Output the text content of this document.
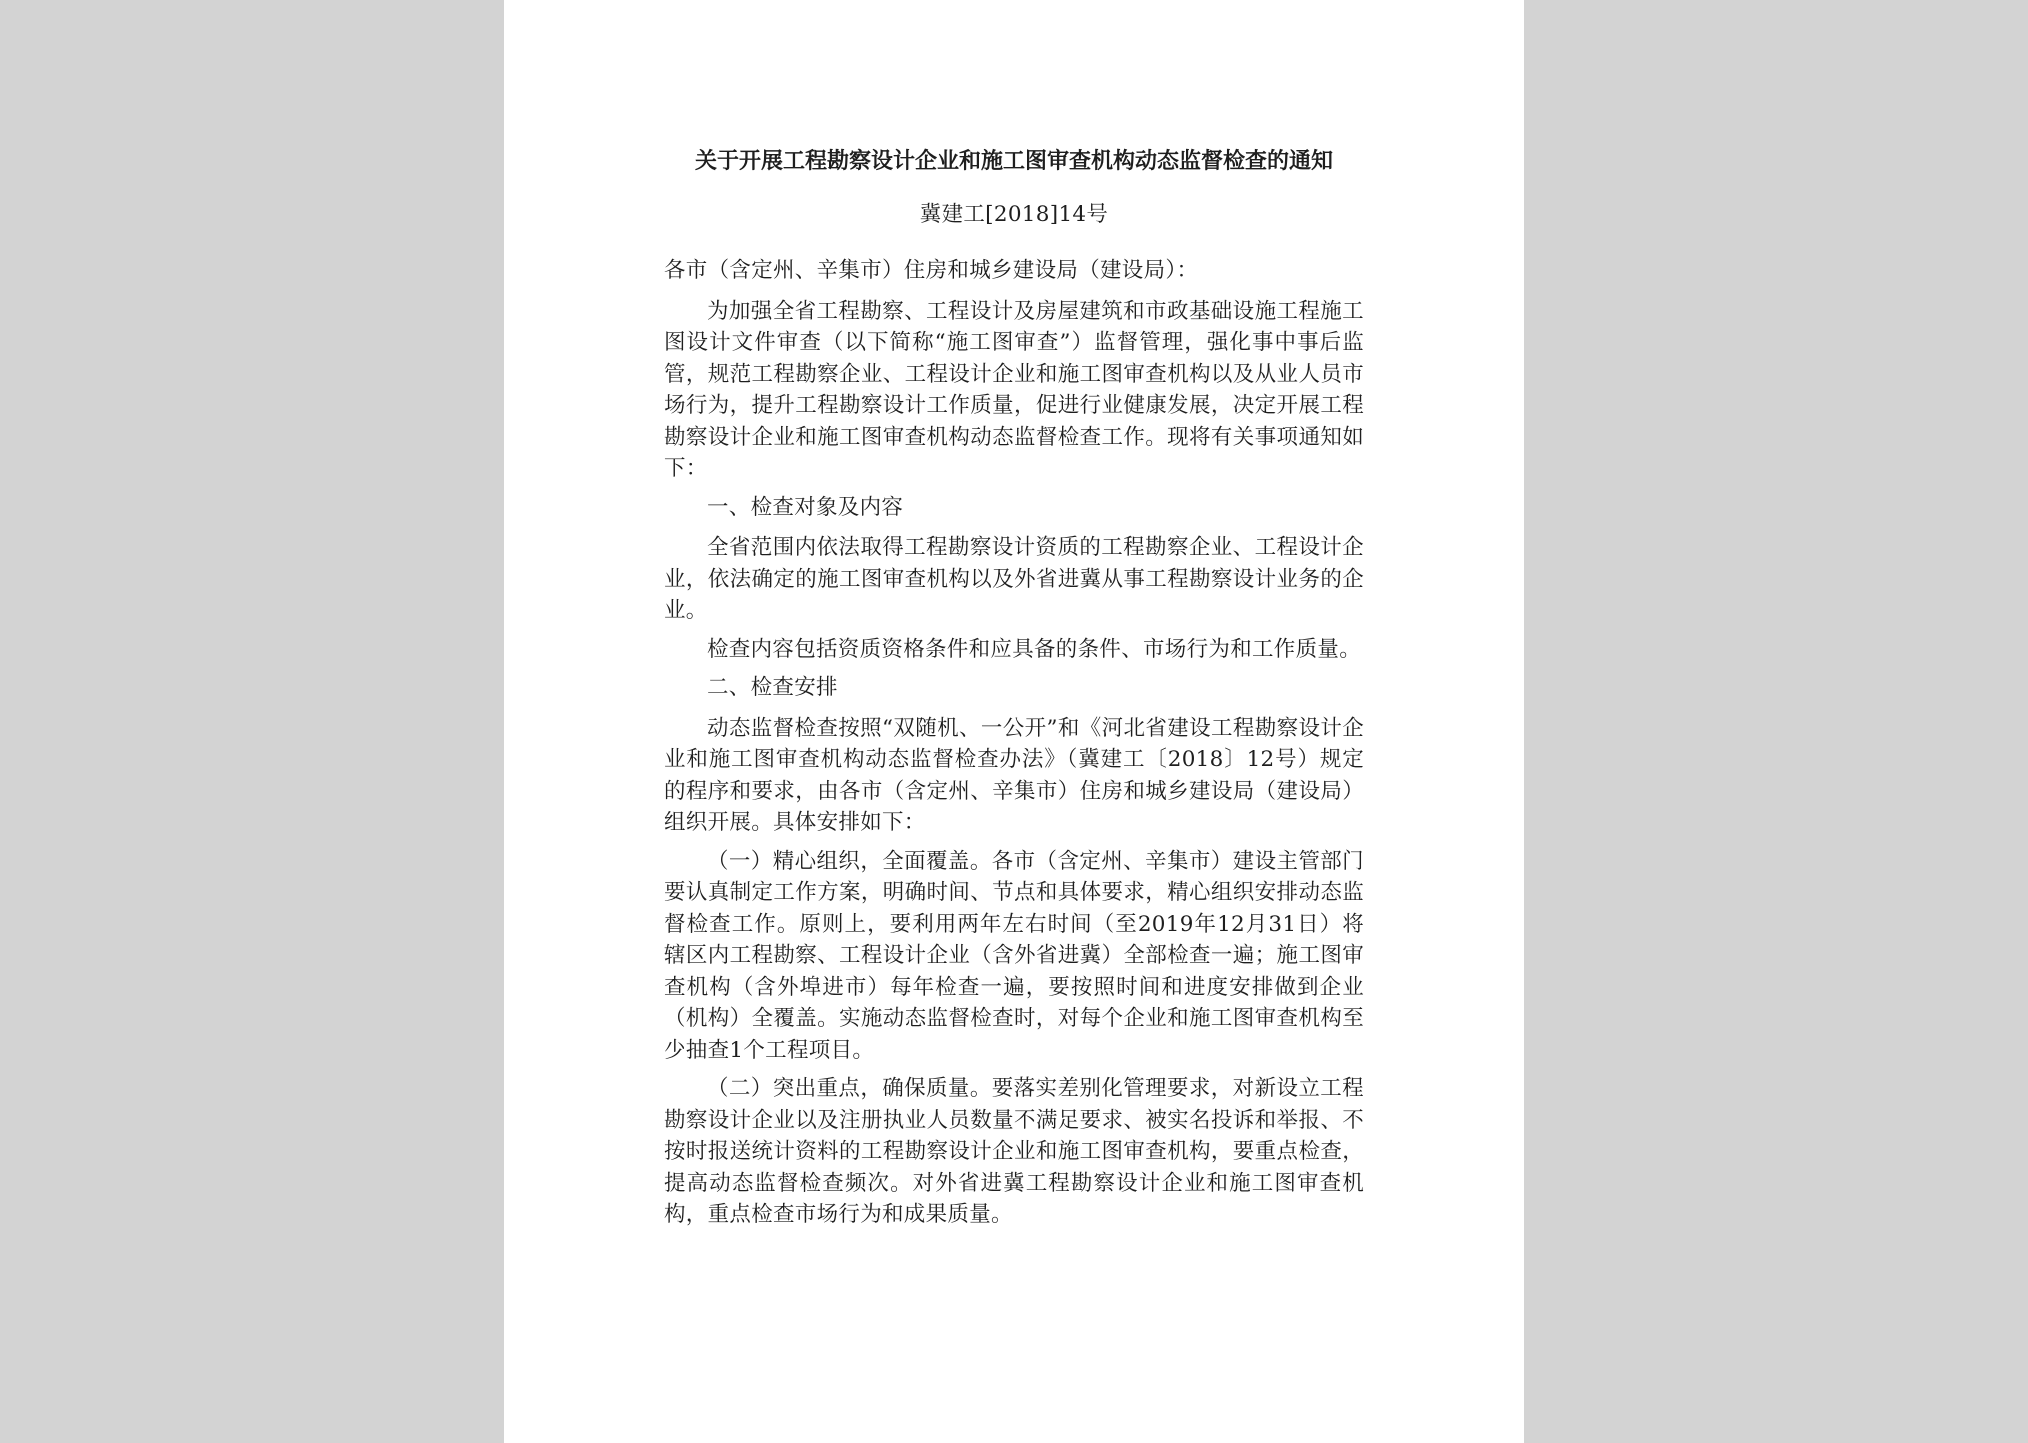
关于开展工程勘察设计企业和施工图审查机构动态监督检查的通知
冀建工[2018]14号
各市（含定州、辛集市）住房和城乡建设局（建设局）：
为加强全省工程勘察、工程设计及房屋建筑和市政基础设施工程施工图设计文件审查（以下简称“施工图审查”）监督管理，强化事中事后监管，规范工程勘察企业、工程设计企业和施工图审查机构以及从业人员市场行为，提升工程勘察设计工作质量，促进行业健康发展，决定开展工程勘察设计企业和施工图审查机构动态监督检查工作。现将有关事项通知如下：
一、检查对象及内容
全省范围内依法取得工程勘察设计资质的工程勘察企业、工程设计企业，依法确定的施工图审查机构以及外省进冀从事工程勘察设计业务的企业。
检查内容包括资质资格条件和应具备的条件、市场行为和工作质量。
二、检查安排
动态监督检查按照“双随机、一公开”和《河北省建设工程勘察设计企业和施工图审查机构动态监督检查办法》（冀建工〔2018〕12号）规定的程序和要求，由各市（含定州、辛集市）住房和城乡建设局（建设局）组织开展。具体安排如下：
（一）精心组织，全面覆盖。各市（含定州、辛集市）建设主管部门要认真制定工作方案，明确时间、节点和具体要求，精心组织安排动态监督检查工作。原则上，要利用两年左右时间（至2019年12月31日）将辖区内工程勘察、工程设计企业（含外省进冀）全部检查一遍；施工图审查机构（含外埠进市）每年检查一遍，要按照时间和进度安排做到企业（机构）全覆盖。实施动态监督检查时，对每个企业和施工图审查机构至少抽查1个工程项目。
（二）突出重点，确保质量。要落实差别化管理要求，对新设立工程勘察设计企业以及注册执业人员数量不满足要求、被实名投诉和举报、不按时报送统计资料的工程勘察设计企业和施工图审查机构，要重点检查，提高动态监督检查频次。对外省进冀工程勘察设计企业和施工图审查机构，重点检查市场行为和成果质量。
